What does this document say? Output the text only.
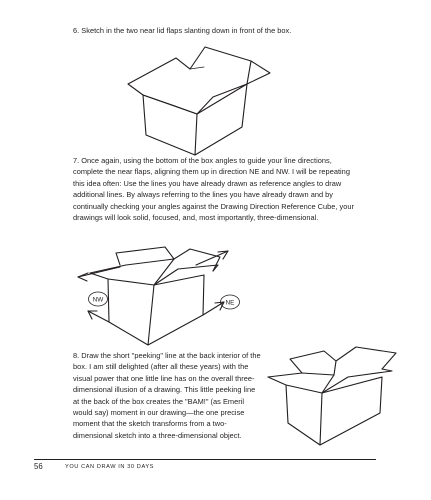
6. Sketch in the two near lid flaps slanting down in front of the box.

7. Once again, using the bottom of the box angles to guide your line directions, complete the near flaps, aligning them up in direction NE and NW. I will be repeating this idea often: Use the lines you have already drawn as reference angles to draw additional lines. By always referring to the lines you have already drawn and by continually checking your angles against the Drawing Direction Reference Cube, your drawings will look solid, focused, and, most importantly, three-dimensional.

NW	NE

8. Draw the short "peeking" line at the back interior of the box. I am still delighted (after all these years) with the visual power that one little line has on the overall three-dimensional illusion of a drawing. This little peeking line at the back of the box creates the "BAM!" (as Emeril would say) moment in our drawing—the one precise moment that the sketch transforms from a two-dimensional sketch into a three-dimensional object.

56	YOU CAN DRAW IN 30 DAYS
